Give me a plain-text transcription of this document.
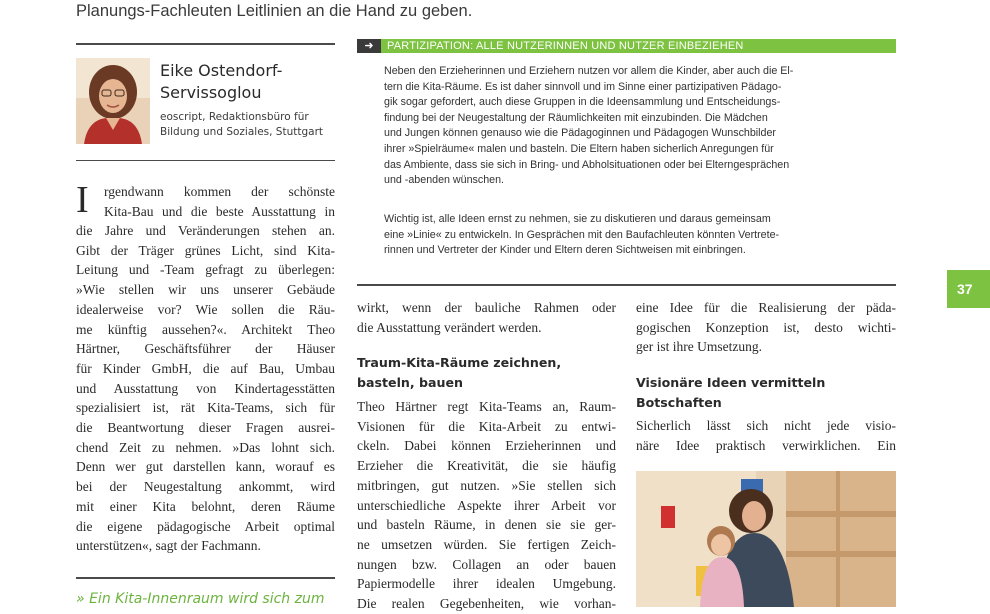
Planungs-Fachleuten Leitlinien an die Hand zu geben.
Eike Ostendorf-
Servissoglou
eoscript, Redaktionsbüro für
Bildung und Soziales, Stuttgart
I rgendwann kommen der schönste
Kita-Bau und die beste Ausstattung in
die Jahre und Veränderungen stehen an.
Gibt der Träger grünes Licht, sind Kita-
Leitung und -Team gefragt zu überlegen:
»Wie stellen wir uns unserer Gebäude
idealerweise vor? Wie sollen die Räu-
me künftig aussehen?«. Architekt Theo
Härtner, Geschäftsführer der Häuser
für Kinder GmbH, die auf Bau, Umbau
und Ausstattung von Kindertagesstätten
spezialisiert ist, rät Kita-Teams, sich für
die Beantwortung dieser Fragen ausrei-
chend Zeit zu nehmen. »Das lohnt sich.
Denn wer gut darstellen kann, worauf es
bei der Neugestaltung ankommt, wird
mit einer Kita belohnt, deren Räume
die eigene pädagogische Arbeit optimal
unterstützen«, sagt der Fachmann.
» Ein Kita-Innenraum wird sich zum
➜	PARTIZIPATION: ALLE NUTZERINNEN UND NUTZER EINBEZIEHEN
Neben den Erzieherinnen und Erziehern nutzen vor allem die Kinder, aber auch die El-
tern die Kita-Räume. Es ist daher sinnvoll und im Sinne einer partizipativen Pädago-
gik sogar gefordert, auch diese Gruppen in die Ideensammlung und Entscheidungs-
findung bei der Neugestaltung der Räumlichkeiten mit einzubinden. Die Mädchen
und Jungen können genauso wie die Pädagoginnen und Pädagogen Wunschbilder
ihrer »Spielräume« malen und basteln. Die Eltern haben sicherlich Anregungen für
das Ambiente, dass sie sich in Bring- und Abholsituationen oder bei Elterngesprächen
und -abenden wünschen.
Wichtig ist, alle Ideen ernst zu nehmen, sie zu diskutieren und daraus gemeinsam
eine »Linie« zu entwickeln. In Gesprächen mit den Baufachleuten könnten Vertrete-
rinnen und Vertreter der Kinder und Eltern deren Sichtweisen mit einbringen.
wirkt, wenn der bauliche Rahmen oder
die Ausstattung verändert werden.
Traum-Kita-Räume zeichnen,
basteln, bauen
Theo Härtner regt Kita-Teams an, Raum-
Visionen für die Kita-Arbeit zu entwi-
ckeln. Dabei können Erzieherinnen und
Erzieher die Kreativität, die sie häufig
mitbringen, gut nutzen. »Sie stellen sich
unterschiedliche Aspekte ihrer Arbeit vor
und basteln Räume, in denen sie sie ger-
ne umsetzen würden. Sie fertigen Zeich-
nungen bzw. Collagen an oder bauen
Papiermodelle ihrer idealen Umgebung.
Die realen Gegebenheiten, wie vorhan-
eine Idee für die Realisierung der päda-
gogischen Konzeption ist, desto wichti-
ger ist ihre Umsetzung.
Visionäre Ideen vermitteln
Botschaften
Sicherlich lässt sich nicht jede visio-
näre Idee praktisch verwirklichen. Ein
37
